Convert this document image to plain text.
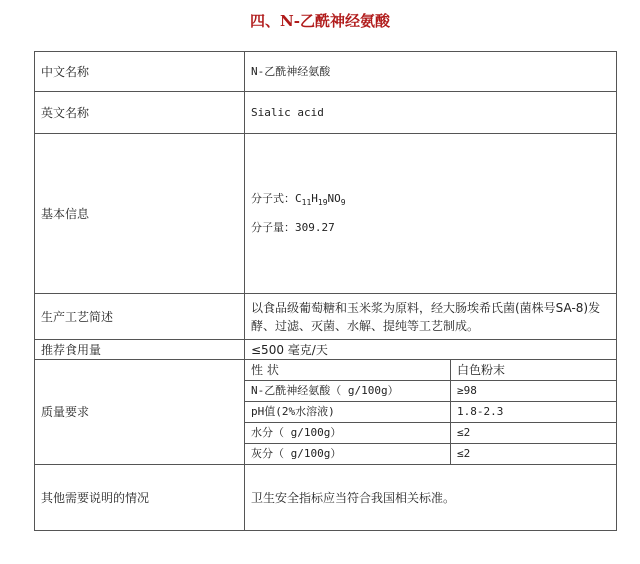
四、N-乙酰神经氨酸
中文名称	N-乙酰神经氨酸	
英文名称	Sialic acid	
基本信息	分子式：$C_{11}H_{19}NO_9$
分子量：309.27	

生产工艺简述	以食品级葡萄糖和玉米浆为原料，经大肠埃希氏菌(菌株号SA-8)发酵、过滤、灭菌、水解、提纯等工艺制成。	
推荐食用量	≤500 毫克/天	
质量要求	性 状	白色粉末
	N-乙酰神经氨酸（ g/100g）	≥98
	pH值(2%水溶液)	1.8-2.3
	水分（ g/100g）	≤2
	灰分（ g/100g）	≤2
其他需要说明的情况	卫生安全指标应当符合我国相关标准。	
